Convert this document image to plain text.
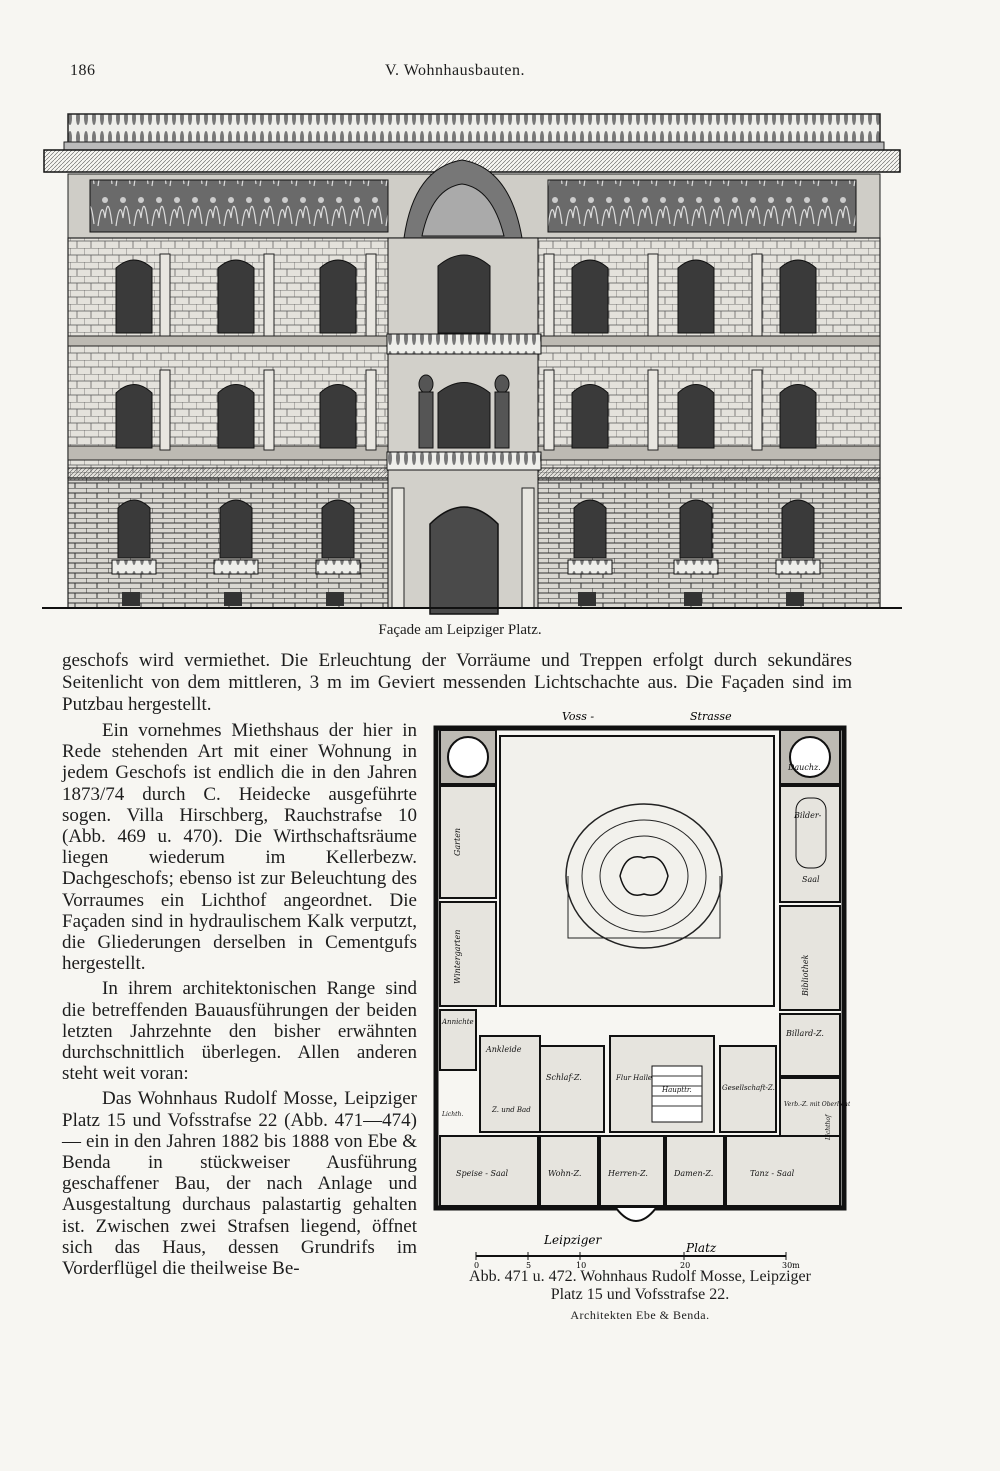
186	V. Wohnhausbauten.
Façade am Leipziger Platz.

geschofs wird vermiethet. Die Erleuchtung der Vorräume und Treppen erfolgt durch sekundäres Seitenlicht von dem mittleren, 3 m im Geviert messenden Lichtschachte aus. Die Façaden sind im Putzbau hergestellt.

Ein vornehmes Miethshaus der hier in Rede stehenden Art mit einer Wohnung in jedem Geschofs ist endlich die in den Jahren 1873/74 durch C. Heidecke ausgeführte sogen. Villa Hirschberg, Rauchstrafse 10 (Abb. 469 u. 470). Die Wirthschaftsräume liegen wiederum im Kellerbezw. Dachgeschofs; ebenso ist zur Beleuchtung des Vorraumes ein Lichthof angeordnet. Die Façaden sind in hydraulischem Kalk verputzt, die Gliederungen derselben in Cementgufs hergestellt.

In ihrem architektonischen Range sind die betreffenden Bauausführungen der beiden letzten Jahrzehnte den bisher erwähnten durchschnittlich überlegen. Allen anderen steht weit voran:

Das Wohnhaus Rudolf Mosse, Leipziger Platz 15 und Vofsstrafse 22 (Abb. 471—474) — ein in den Jahren 1882 bis 1888 von Ebe & Benda in stückweiser Ausführung geschaffener Bau, der nach Anlage und Ausgestaltung durchaus palastartig gehalten ist. Zwischen zwei Strafsen liegend, öffnet sich das Haus, dessen Grundrifs im Vorderflügel die theilweise Be-

Voss -	Strasse
Dauchz.
Bilder-
Saal
Garten
Wintergarten	Bibliothek
Billard-Z.
Annichte
Ankleide
Schlaf-Z.
Z. und Bad
Flur Halle
Haupttr.	Gesellschaft-Z.
Verb.-Z. mit Oberlicht
Lichthof
Lichth.
Speise - Saal	Wohn-Z.	Herren-Z.	Damen-Z.	Tanz - Saal
Leipziger
Platz
0	5	10	20	30m
Abb. 471 u. 472. Wohnhaus Rudolf Mosse, Leipziger Platz 15 und Vofsstrafse 22.
Architekten Ebe & Benda.
